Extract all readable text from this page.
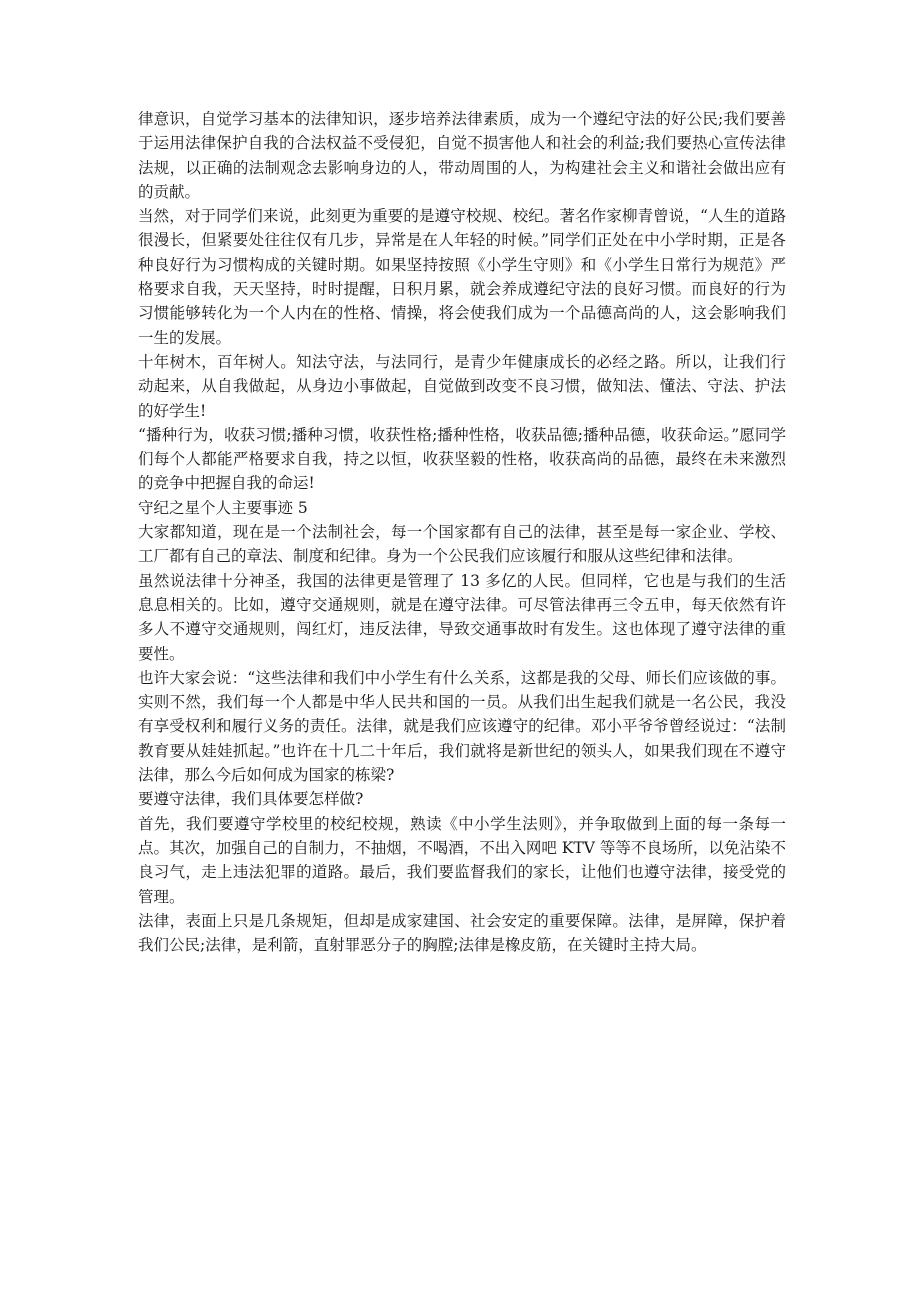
律意识，自觉学习基本的法律知识，逐步培养法律素质，成为一个遵纪守法的好公民;我们要善于运用法律保护自我的合法权益不受侵犯，自觉不损害他人和社会的利益;我们要热心宣传法律法规，以正确的法制观念去影响身边的人，带动周围的人，为构建社会主义和谐社会做出应有的贡献。

当然，对于同学们来说，此刻更为重要的是遵守校规、校纪。著名作家柳青曾说，“人生的道路很漫长，但紧要处往往仅有几步，异常是在人年轻的时候。”同学们正处在中小学时期，正是各种良好行为习惯构成的关键时期。如果坚持按照《小学生守则》和《小学生日常行为规范》严格要求自我，天天坚持，时时提醒，日积月累，就会养成遵纪守法的良好习惯。而良好的行为习惯能够转化为一个人内在的性格、情操，将会使我们成为一个品德高尚的人，这会影响我们一生的发展。

十年树木，百年树人。知法守法，与法同行，是青少年健康成长的必经之路。所以，让我们行动起来，从自我做起，从身边小事做起，自觉做到改变不良习惯，做知法、懂法、守法、护法的好学生!

“播种行为，收获习惯;播种习惯，收获性格;播种性格，收获品德;播种品德，收获命运。”愿同学们每个人都能严格要求自我，持之以恒，收获坚毅的性格，收获高尚的品德，最终在未来激烈的竞争中把握自我的命运!

守纪之星个人主要事迹 5

大家都知道，现在是一个法制社会，每一个国家都有自己的法律，甚至是每一家企业、学校、工厂都有自己的章法、制度和纪律。身为一个公民我们应该履行和服从这些纪律和法律。

虽然说法律十分神圣，我国的法律更是管理了 13 多亿的人民。但同样，它也是与我们的生活息息相关的。比如，遵守交通规则，就是在遵守法律。可尽管法律再三令五申，每天依然有许多人不遵守交通规则，闯红灯，违反法律，导致交通事故时有发生。这也体现了遵守法律的重要性。

也许大家会说：“这些法律和我们中小学生有什么关系，这都是我的父母、师长们应该做的事。实则不然，我们每一个人都是中华人民共和国的一员。从我们出生起我们就是一名公民，我没有享受权利和履行义务的责任。法律，就是我们应该遵守的纪律。邓小平爷爷曾经说过：“法制教育要从娃娃抓起。”也许在十几二十年后，我们就将是新世纪的领头人，如果我们现在不遵守法律，那么今后如何成为国家的栋梁?

要遵守法律，我们具体要怎样做?

首先，我们要遵守学校里的校纪校规，熟读《中小学生法则》，并争取做到上面的每一条每一点。其次，加强自己的自制力，不抽烟，不喝酒，不出入网吧 KTV 等等不良场所，以免沾染不良习气，走上违法犯罪的道路。最后，我们要监督我们的家长，让他们也遵守法律，接受党的管理。

法律，表面上只是几条规矩，但却是成家建国、社会安定的重要保障。法律，是屏障，保护着我们公民;法律，是利箭，直射罪恶分子的胸膛;法律是橡皮筋，在关键时主持大局。
